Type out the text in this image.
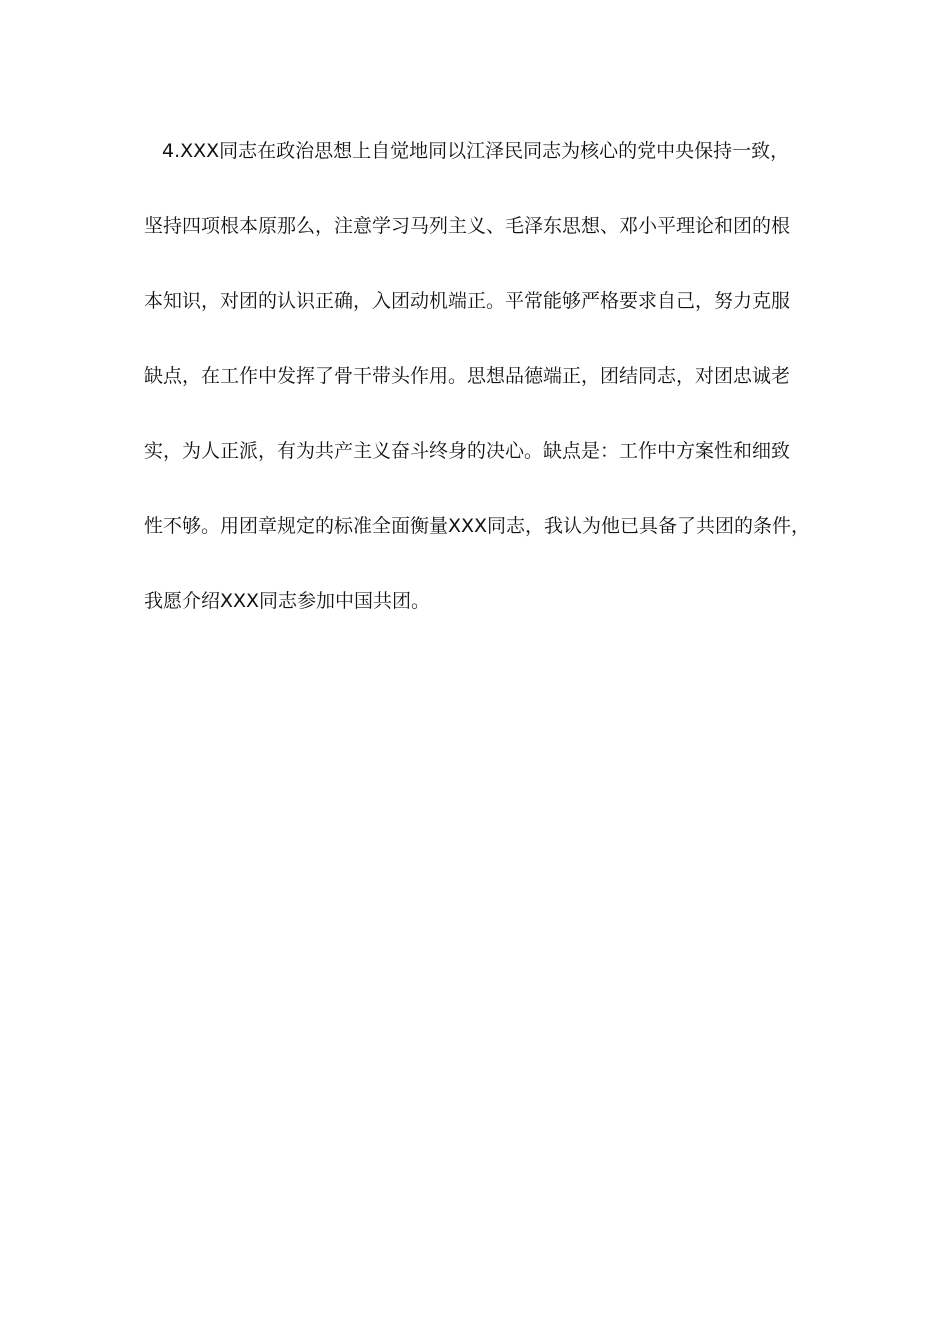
4.XXX同志在政治思想上自觉地同以江泽民同志为核心的党中央保持一致，
坚持四项根本原那么，注意学习马列主义、毛泽东思想、邓小平理论和团的根
本知识，对团的认识正确，入团动机端正。平常能够严格要求自己，努力克服
缺点，在工作中发挥了骨干带头作用。思想品德端正，团结同志，对团忠诚老
实，为人正派，有为共产主义奋斗终身的决心。缺点是：工作中方案性和细致
性不够。用团章规定的标准全面衡量XXX同志，我认为他已具备了共团的条件，
我愿介绍XXX同志参加中国共团。
